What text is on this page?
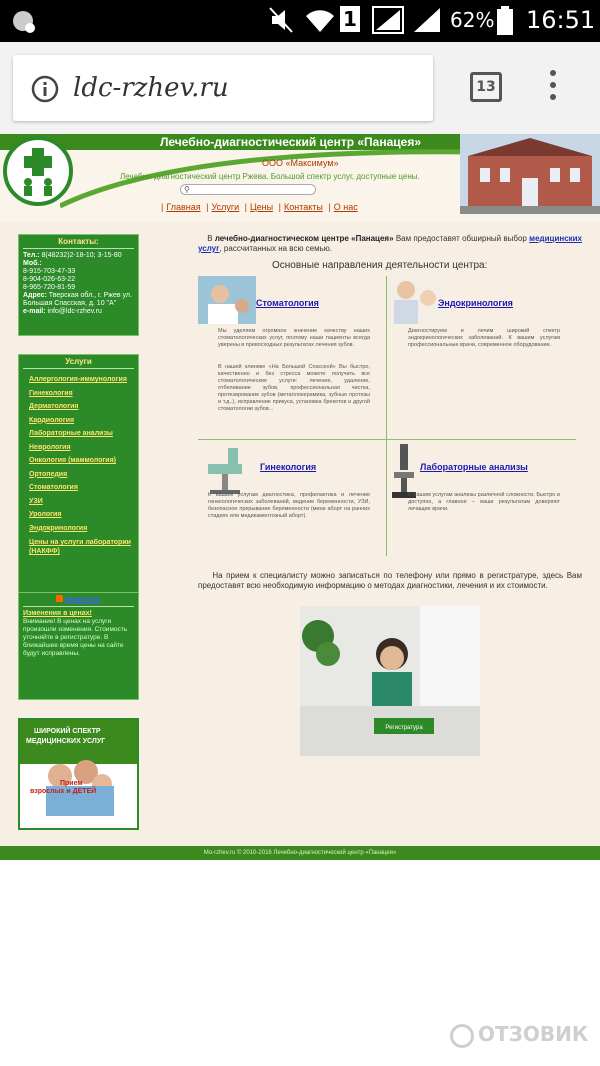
1	62% 16:51
ldc-rzhev.ru	13
Лечебно-диагностический центр «Панацея»
ООО «Максимум»
Лечебно-диагностический центр Ржева. Большой спектр услуг, доступные цены.
⚲
| Главная | Услуги | Цены | Контакты | О нас
Контакты:
Тел.: 8(48232)2-18-10; 3-15-80
Моб.:
8-915-703-47-33
8-904-026-63-22
8-965-720-81-59
Адрес: Тверская обл., г. Ржев ул. Большая Спасская, д. 10 "А"
e-mail: info@ldc-rzhev.ru
Услуги
Аллергология-иммунология
Гинекология
Дерматология
Кардиология
Лабораторные анализы
Неврология
Онкология (маммология)
Ортопедия
Стоматология
УЗИ
Урология
Эндокринология
Цены на услуги лаборатории (НАКФФ)
Новости:
Изменения в ценах!
Внимание! В ценах на услуги произошли изменения. Стоимость уточняйте в регистратуре. В ближайшее время цены на сайте будут исправлены.
ШИРОКИЙ СПЕКТР
МЕДИЦИНСКИХ УСЛУГ
Прием
взрослых и ДЕТЕЙ
В лечебно-диагностическом центре «Панацея» Вам предоставят обширный выбор медицинских услуг, рассчитанных на всю семью.
Основные направления деятельности центра:
Стоматология

Мы уделяем огромное значение качеству наших стоматологических услуг, поэтому наши пациенты всегда уверены в превосходных результатах лечения зубов.

В нашей клинике «На Большой Спасской» Вы быстро, качественно и без стресса можете получить все стоматологические услуги: лечение, удаление, отбеливание зубов, профессиональная чистка, протезирование зубов (металлокерамика, зубные протезы и т.д..), исправление прикуса, установка брекетов и другой стоматологии зубов...

Эндокринология

Диагностируем и лечим широкий спектр эндокринологических заболеваний. К вашим услугам профессиональные врачи, современное оборудование.

Гинекология

К вашим услугам диагностика, профилактика и лечение гинекологических заболеваний, ведение беременности, УЗИ, безопасное прерывание беременности (мини аборт на ранних стадиях или медикаментозный аборт).

Лабораторные анализы

К Вашим услугам анализы различной сложности. Быстро и доступно, а главное – ваши результатам доверяют лечащие врачи.

На прием к специалисту можно записаться по телефону или прямо в регистратуре, здесь Вам предоставят всю необходимую информацию о методах диагностики, лечения и их стоимости.
Регистратура
Mo-rzhev.ru © 2010-2016 Лечебно-диагностический центр «Панацея»
ОТЗОВИК
